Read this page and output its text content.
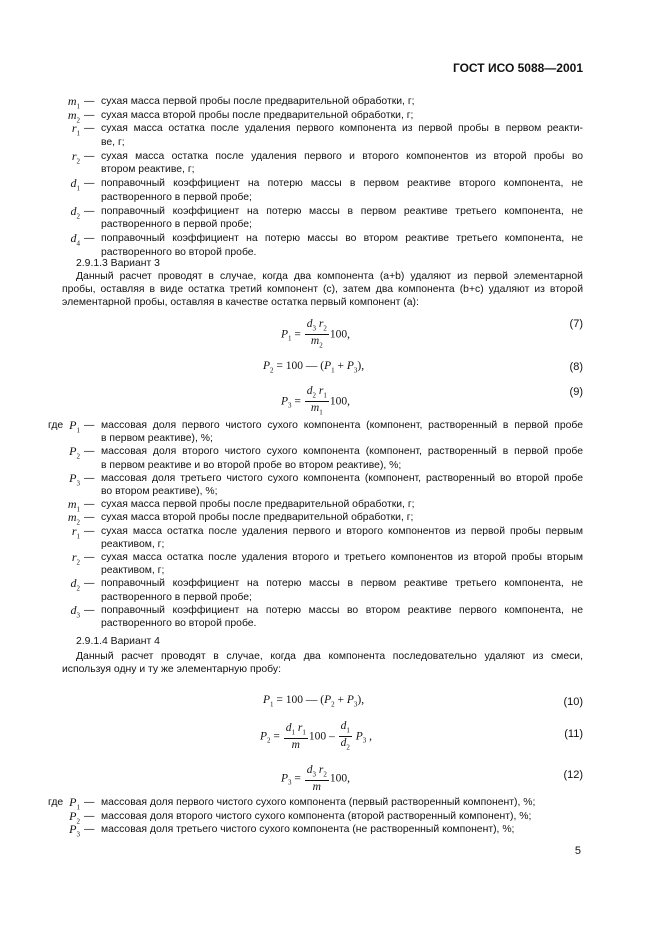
ГОСТ ИСО 5088—2001
$m_1$ — сухая масса первой пробы после предварительной обработки, г;
$m_2$ — сухая масса второй пробы после предварительной обработки, г;
$r_1$ — сухая масса остатка после удаления первого компонента из первой пробы в первом реакти-
ве, г;
$r_2$ — сухая масса остатка после удаления первого и второго компонентов из второй пробы во
втором реактиве, г;
$d_1$ — поправочный коэффициент на потерю массы в первом реактиве второго компонента, не
растворенного в первой пробе;
$d_2$ — поправочный коэффициент на потерю массы в первом реактиве третьего компонента, не
растворенного в первой пробе;
$d_4$ — поправочный коэффициент на потерю массы во втором реактиве третьего компонента, не
растворенного во второй пробе.
2.9.1.3 Вариант 3
Данный расчет проводят в случае, когда два компонента (a+b) удаляют из первой элементарной
пробы, оставляя в виде остатка третий компонент (c), затем два компонента (b+c) удаляют из второй
элементарной пробы, оставляя в качестве остатка первый компонент (a):
$P_1 = \frac{d_3 r_2}{m_2} 100$,
(7)
$P_2 = 100$ — $(P_1 + P_3)$,	(8)
$P_3 = \frac{d_2 r_1}{m_1} 100$,
(9)
где $P_1$ — массовая доля первого чистого сухого компонента (компонент, растворенный в первой пробе
в первом реактиве), %;
$P_2$ — массовая доля второго чистого сухого компонента (компонент, растворенный в первой пробе
в первом реактиве и во второй пробе во втором реактиве), %;
$P_3$ — массовая доля третьего чистого сухого компонента (компонент, растворенный во второй пробе
во втором реактиве), %;
$m_1$ — сухая масса первой пробы после предварительной обработки, г;
$m_2$ — сухая масса второй пробы после предварительной обработки, г;
$r_1$ — сухая масса остатка после удаления первого и второго компонентов из первой пробы первым
реактивом, г;
$r_2$ — сухая масса остатка после удаления второго и третьего компонентов из второй пробы вторым
реактивом, г;
$d_2$ — поправочный коэффициент на потерю массы в первом реактиве третьего компонента, не
растворенного в первой пробе;
$d_3$ — поправочный коэффициент на потерю массы во втором реактиве первого компонента, не
растворенного во второй пробе.
2.9.1.4 Вариант 4
Данный расчет проводят в случае, когда два компонента последовательно удаляют из смеси,
используя одну и ту же элементарную пробу:
$P_1 = 100$ — $(P_2 + P_3)$,	(10)
$P_2 = \frac{d_1 r_1}{m} 100 - \frac{d_1}{d_2} P_3$ ,	(11)
$P_3 = \frac{d_3 r_2}{m} 100$,	(12)
где $P_1$ — массовая доля первого чистого сухого компонента (первый растворенный компонент), %;
$P_2$ — массовая доля второго чистого сухого компонента (второй растворенный компонент), %;
$P_3$ — массовая доля третьего чистого сухого компонента (не растворенный компонент), %;
5
